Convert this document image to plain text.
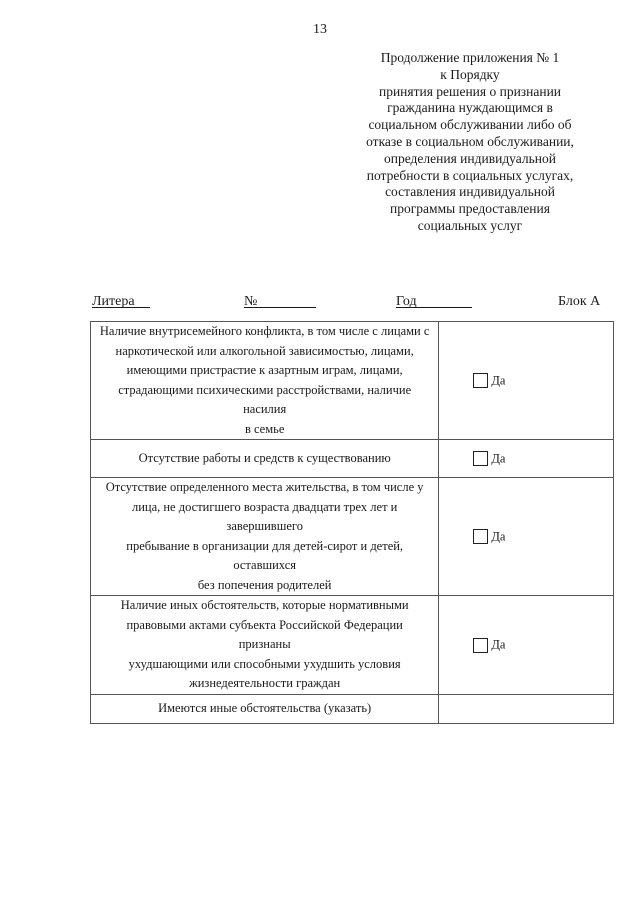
13
Продолжение приложения № 1
к Порядку
принятия решения о признании
гражданина нуждающимся в
социальном обслуживании либо об
отказе в социальном обслуживании,
определения индивидуальной
потребности в социальных услугах,
составления индивидуальной
программы предоставления
социальных услуг
Литера	№	Год	Блок А
Наличие внутрисемейного конфликта, в том числе с лицами с
наркотической или алкогольной зависимостью, лицами,
имеющими пристрастие к азартным играм, лицами,
страдающими психическими расстройствами, наличие насилия
в семье	Да

Отсутствие работы и средств к существованию	Да

Отсутствие определенного места жительства, в том числе у
лица, не достигшего возраста двадцати трех лет и завершившего
пребывание в организации для детей-сирот и детей, оставшихся
без попечения родителей	Да

Наличие иных обстоятельств, которые нормативными
правовыми актами субъекта Российской Федерации признаны
ухудшающими или способными ухудшить условия
жизнедеятельности граждан	Да

Имеются иные обстоятельства (указать)	
